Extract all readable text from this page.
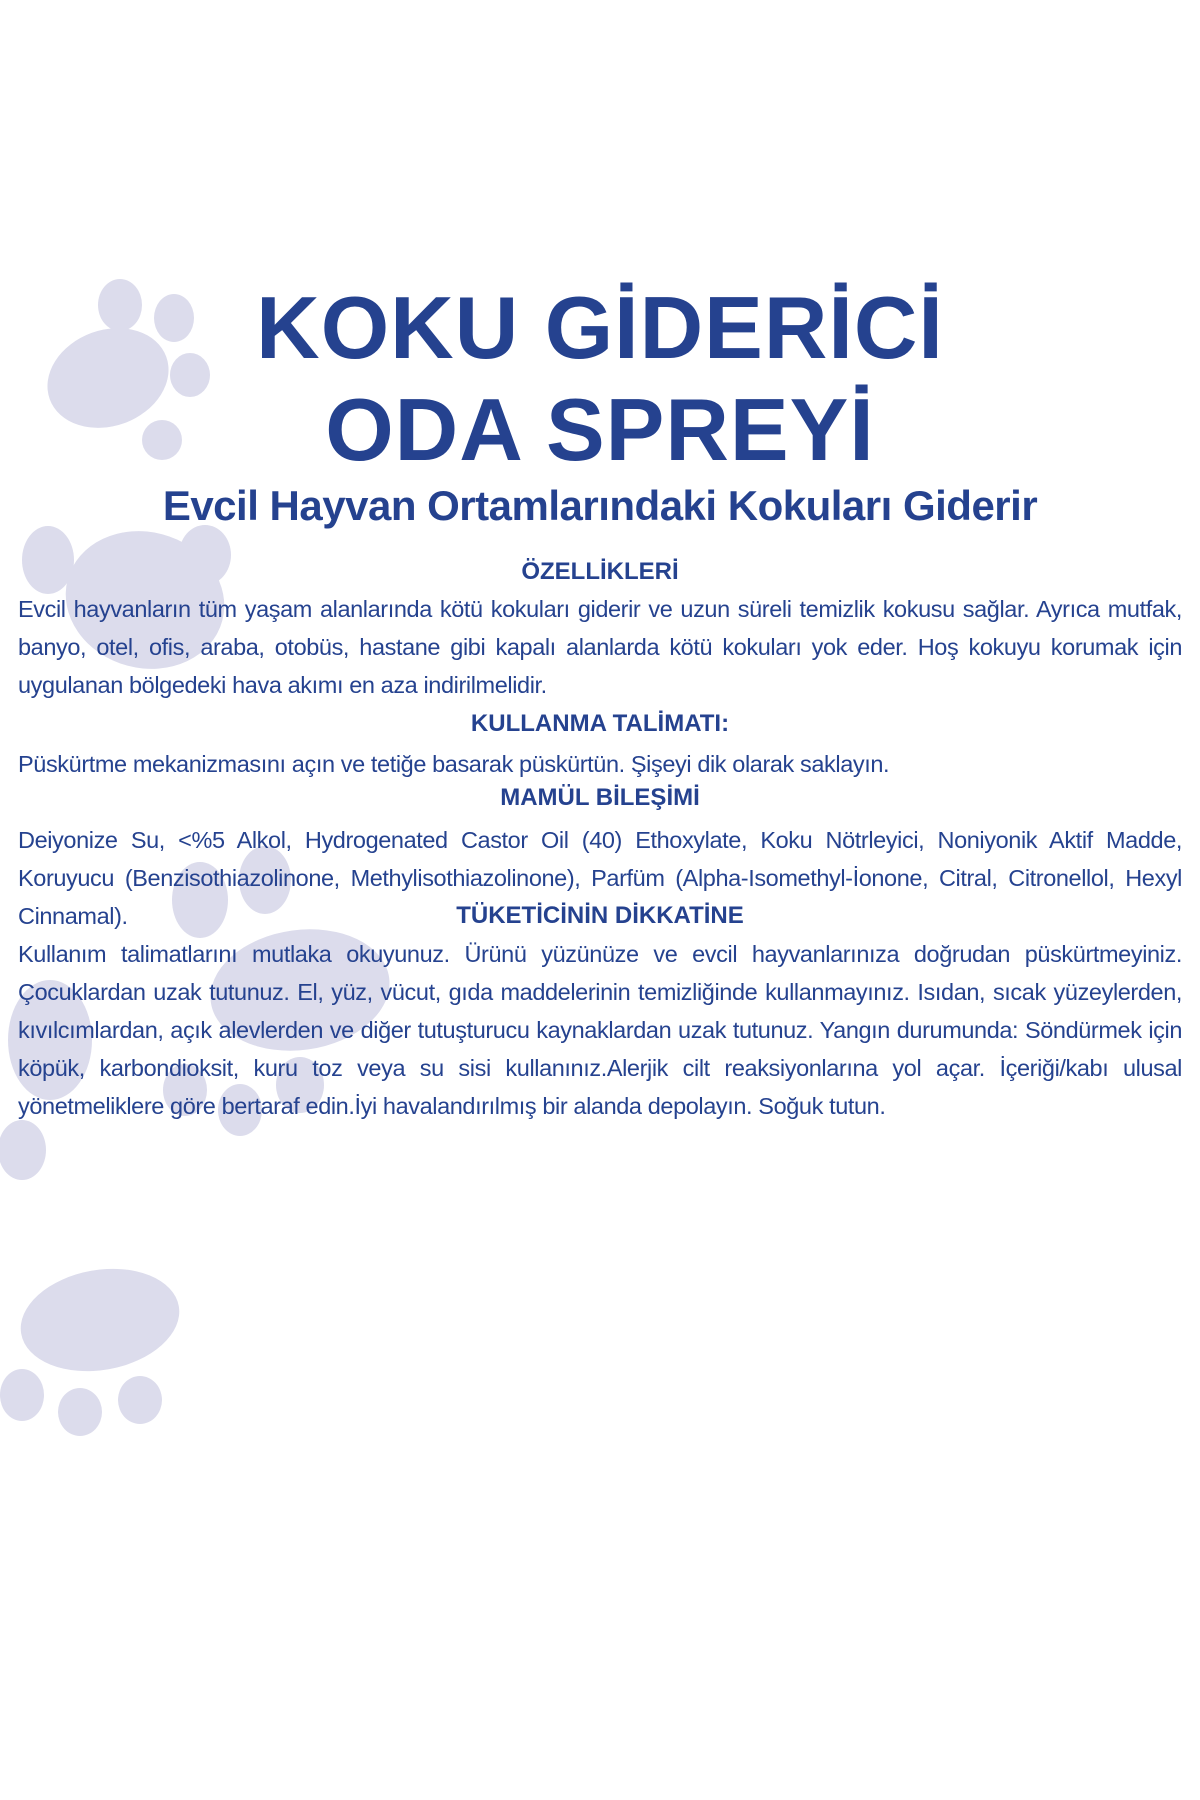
KOKU GİDERİCİ
ODA SPREYİ
Evcil Hayvan Ortamlarındaki Kokuları Giderir
ÖZELLİKLERİ

Evcil hayvanların tüm yaşam alanlarında kötü kokuları giderir ve uzun süreli temizlik kokusu sağlar. Ayrıca mutfak, banyo, otel, ofis, araba, otobüs, hastane gibi kapalı alanlarda kötü kokuları yok eder. Hoş kokuyu korumak için uygulanan bölgedeki hava akımı en aza indirilmelidir.

KULLANMA TALİMATI:

Püskürtme mekanizmasını açın ve tetiğe basarak püskürtün. Şişeyi dik olarak saklayın.

MAMÜL BİLEŞİMİ

Deiyonize Su, <%5 Alkol, Hydrogenated Castor Oil (40) Ethoxylate, Koku Nötrleyici, Noniyonik Aktif Madde, Koruyucu (Benzisothiazolinone, Methylisothiazolinone), Parfüm (Alpha-Isomethyl-İonone, Citral, Citronellol, Hexyl Cinnamal).	TÜKETİCİNİN DİKKATİNE

Kullanım talimatlarını mutlaka okuyunuz. Ürünü yüzünüze ve evcil hayvanlarınıza doğrudan püskürtmeyiniz. Çocuklardan uzak tutunuz. El, yüz, vücut, gıda maddelerinin temizliğinde kullanmayınız. Isıdan, sıcak yüzeylerden, kıvılcımlardan, açık alevlerden ve diğer tutuşturucu kaynaklardan uzak tutunuz. Yangın durumunda: Söndürmek için köpük, karbondioksit, kuru toz veya su sisi kullanınız.Alerjik cilt reaksiyonlarına yol açar. İçeriği/kabı ulusal yönetmeliklere göre bertaraf edin.İyi havalandırılmış bir alanda depolayın. Soğuk tutun.
